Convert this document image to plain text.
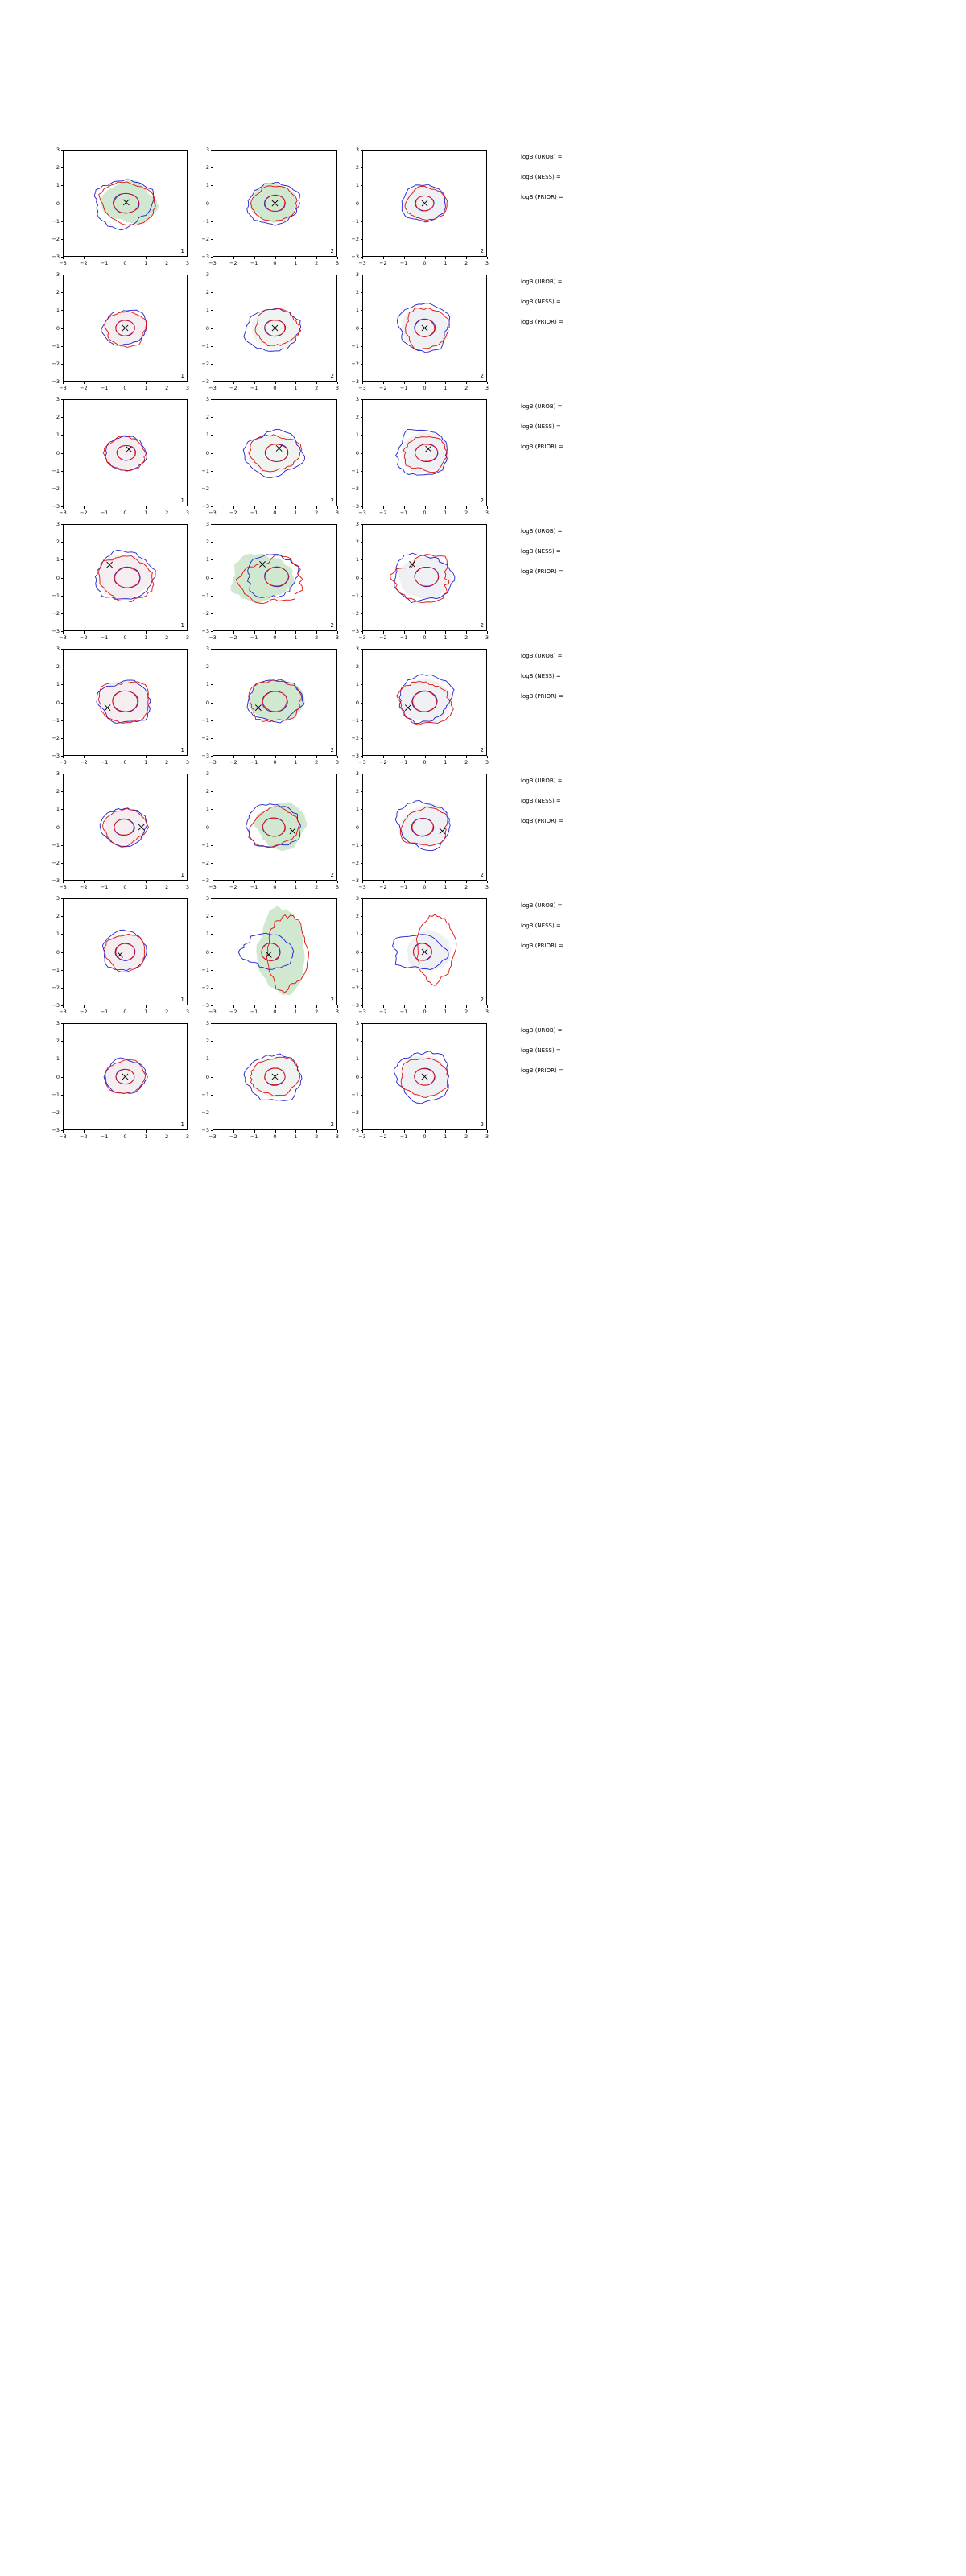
−3
−3
−2
−2
−1
−1
0
0
1
1
2
2
3
3
1
−3
−3
−2
−2
−1
−1
0
0
1
1
2
2
3
3
2
−3
−3
−2
−2
−1
−1
0
0
1
1
2
2
3
3
2
−3
−3
−2
−2
−1
−1
0
0
1
1
2
2
3
3
1
−3
−3
−2
−2
−1
−1
0
0
1
1
2
2
3
3
2
−3
−3
−2
−2
−1
−1
0
0
1
1
2
2
3
3
2
−3
−3
−2
−2
−1
−1
0
0
1
1
2
2
3
3
1
−3
−3
−2
−2
−1
−1
0
0
1
1
2
2
3
3
2
−3
−3
−2
−2
−1
−1
0
0
1
1
2
2
3
3
2
−3
−3
−2
−2
−1
−1
0
0
1
1
2
2
3
3
1
−3
−3
−2
−2
−1
−1
0
0
1
1
2
2
3
3
2
−3
−3
−2
−2
−1
−1
0
0
1
1
2
2
3
3
2
−3
−3
−2
−2
−1
−1
0
0
1
1
2
2
3
3
1
−3
−3
−2
−2
−1
−1
0
0
1
1
2
2
3
3
2
−3
−3
−2
−2
−1
−1
0
0
1
1
2
2
3
3
2
−3
−3
−2
−2
−1
−1
0
0
1
1
2
2
3
3
1
−3
−3
−2
−2
−1
−1
0
0
1
1
2
2
3
3
2
−3
−3
−2
−2
−1
−1
0
0
1
1
2
2
3
3
2
−3
−3
−2
−2
−1
−1
0
0
1
1
2
2
3
3
1
−3
−3
−2
−2
−1
−1
0
0
1
1
2
2
3
3
2
−3
−3
−2
−2
−1
−1
0
0
1
1
2
2
3
3
2
−3
−3
−2
−2
−1
−1
0
0
1
1
2
2
3
3
1
−3
−3
−2
−2
−1
−1
0
0
1
1
2
2
3
3
2
−3
−3
−2
−2
−1
−1
0
0
1
1
2
2
3
3
2
logB (UROB) =
logB (NESS) =
logB (PRIOR) =
logB (UROB) =
logB (NESS) =
logB (PRIOR) =
logB (UROB) =
logB (NESS) =
logB (PRIOR) =
logB (UROB) =
logB (NESS) =
logB (PRIOR) =
logB (UROB) =
logB (NESS) =
logB (PRIOR) =
logB (UROB) =
logB (NESS) =
logB (PRIOR) =
logB (UROB) =
logB (NESS) =
logB (PRIOR) =
logB (UROB) =
logB (NESS) =
logB (PRIOR) =
